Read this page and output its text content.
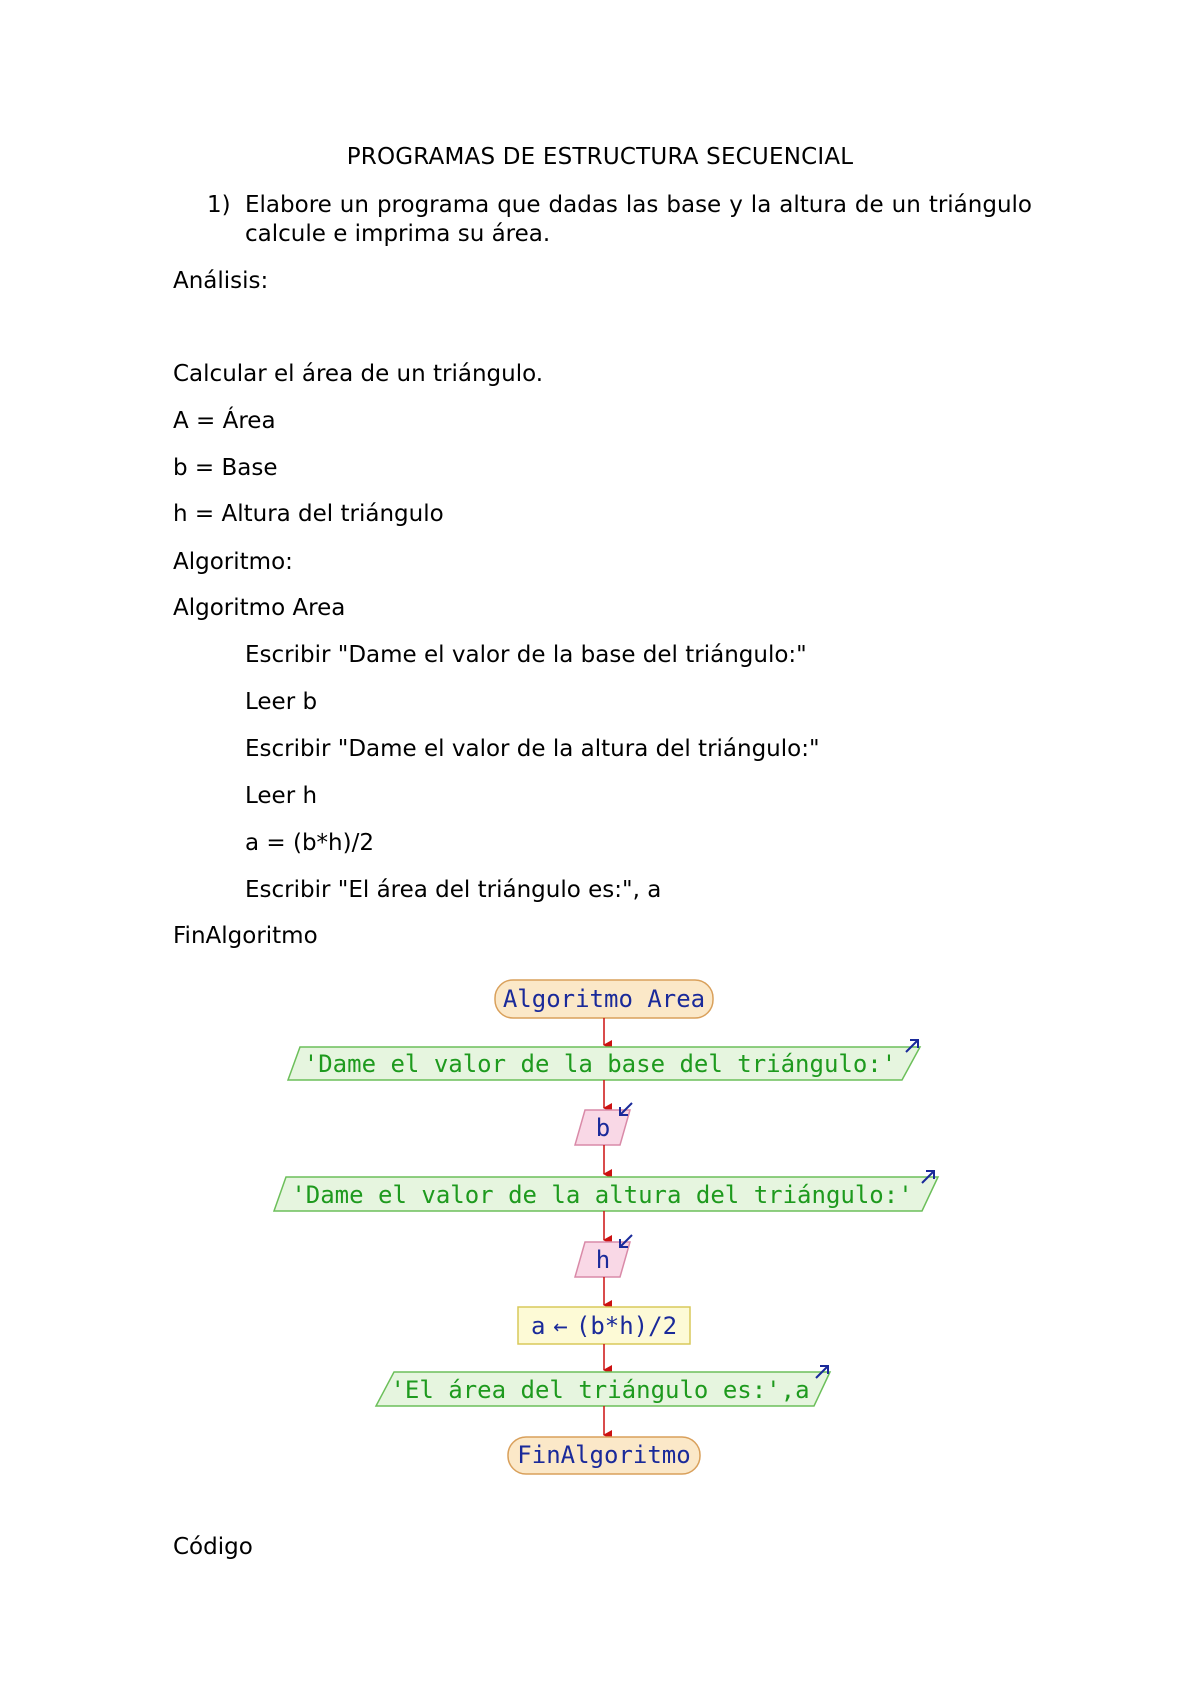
PROGRAMAS DE ESTRUCTURA SECUENCIAL
1) Elabore un programa que dadas las base y la altura de un triángulo calcule e imprima su área.
Análisis:
Calcular el área de un triángulo.
A = Área
b = Base
h = Altura del triángulo
Algoritmo:
Algoritmo Area
Escribir "Dame el valor de la base del triángulo:"
Leer b
Escribir "Dame el valor de la altura del triángulo:"
Leer h
a = (b*h)/2
Escribir "El área del triángulo es:", a
FinAlgoritmo
Algoritmo Area
'Dame el valor de la base del triángulo:'
b
'Dame el valor de la altura del triángulo:'
h
a ← (b*h)/2
'El área del triángulo es:',a
FinAlgoritmo
Código
